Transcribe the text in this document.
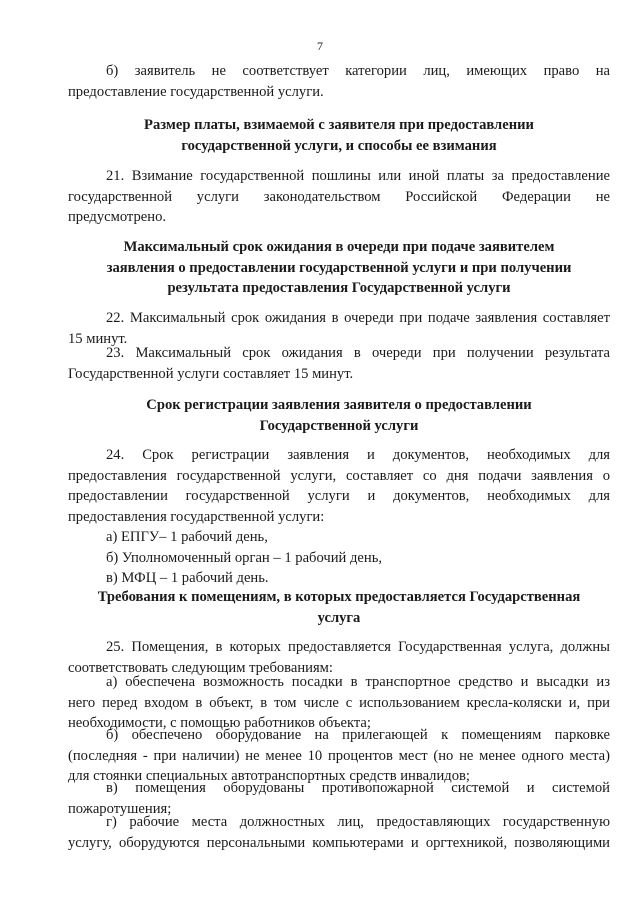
7
б) заявитель не соответствует категории лиц, имеющих право на
предоставление государственной услуги.
Размер платы, взимаемой с заявителя при предоставлении
государственной услуги, и способы ее взимания
21. Взимание государственной пошлины или иной платы за предоставление
государственной услуги законодательством Российской Федерации не
предусмотрено.
Максимальный срок ожидания в очереди при подаче заявителем
заявления о предоставлении государственной услуги и при получении
результата предоставления Государственной услуги
22. Максимальный срок ожидания в очереди при подаче заявления составляет
15 минут.
23. Максимальный срок ожидания в очереди при получении результата
Государственной услуги составляет 15 минут.
Срок регистрации заявления заявителя о предоставлении
Государственной услуги
24. Срок регистрации заявления и документов, необходимых для
предоставления государственной услуги, составляет со дня подачи заявления о
предоставлении государственной услуги и документов, необходимых для
предоставления государственной услуги:
а) ЕПГУ– 1 рабочий день,
б) Уполномоченный орган – 1 рабочий день,
в) МФЦ – 1 рабочий день.
Требования к помещениям, в которых предоставляется Государственная
услуга
25. Помещения, в которых предоставляется Государственная услуга, должны
соответствовать следующим требованиям:
а) обеспечена возможность посадки в транспортное средство и высадки из
него перед входом в объект, в том числе с использованием кресла-коляски и, при
необходимости, с помощью работников объекта;
б) обеспечено оборудование на прилегающей к помещениям парковке
(последняя - при наличии) не менее 10 процентов мест (но не менее одного места)
для стоянки специальных автотранспортных средств инвалидов;
в) помещения оборудованы противопожарной системой и системой
пожаротушения;
г) рабочие места должностных лиц, предоставляющих государственную
услугу, оборудуются персональными компьютерами и оргтехникой, позволяющими
